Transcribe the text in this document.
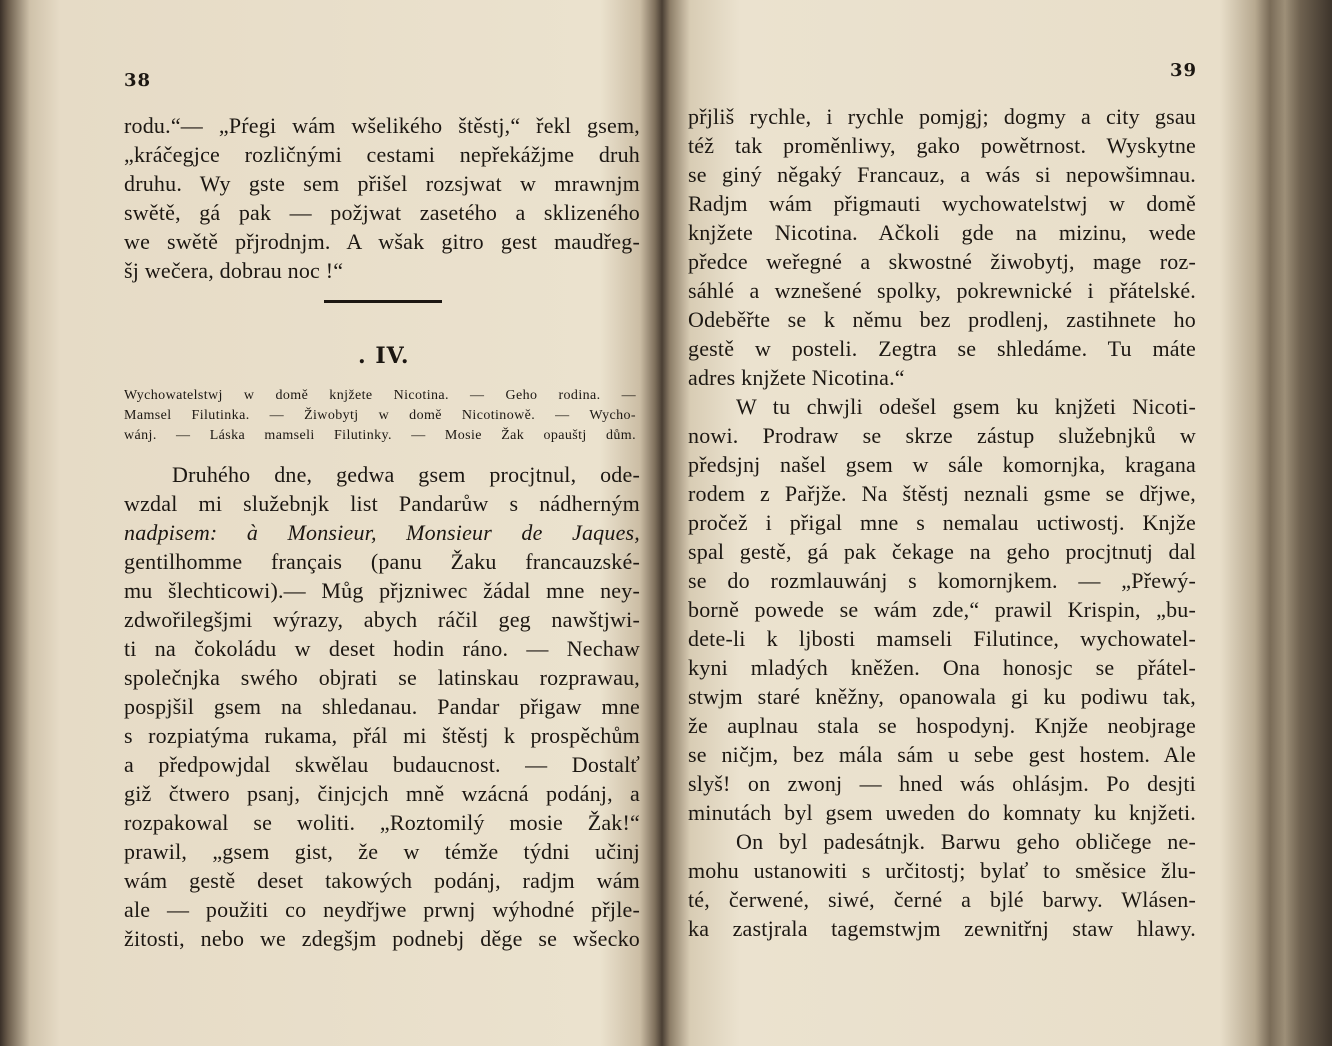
38
rodu.“— „Pŕegi wám wšelikého štěstj,“ řekl gsem,
„kráčegjce rozličnými cestami nepřekážjme druh
druhu. Wy gste sem přišel rozsjwat w mrawnjm
swětě, gá pak — požjwat zasetého a sklizeného
we swětě přjrodnjm. A wšak gitro gest maudřeg-
šj wečera, dobrau noc !“
. IV.
Wychowatelstwj w domě knjžete Nicotina. — Geho rodina. —
Mamsel Filutinka. — Žiwobytj w domě Nicotinowě. — Wycho-
wánj. — Láska mamseli Filutinky. — Mosie Žak opauštj dům.
Druhého dne, gedwa gsem procjtnul, ode-
wzdal mi služebnjk list Pandarůw s nádherným
nadpisem: à Monsieur, Monsieur de Jaques,
gentilhomme français (panu Žaku francauzské-
mu šlechticowi).— Můg přjzniwec žádal mne ney-
zdwořilegšjmi wýrazy, abych ráčil geg nawštjwi-
ti na čokoládu w deset hodin ráno. — Nechaw
společnjka swého objrati se latinskau rozprawau,
pospjšil gsem na shledanau. Pandar přigaw mne
s rozpiatýma rukama, přál mi štěstj k prospěchům
a předpowjdal skwělau budaucnost. — Dostalť
giž čtwero psanj, činjcjch mně wzácná podánj, a
rozpakowal se woliti. „Roztomilý mosie Žak!“
prawil, „gsem gist, že w témže týdni učinj
wám gestě deset takowých podánj, radjm wám
ale — použiti co neydřjwe prwnj wýhodné přjle-
žitosti, nebo we zdegšjm podnebj děge se wšecko
39
přjliš rychle, i rychle pomjgj; dogmy a city gsau
též tak proměnliwy, gako powětrnost. Wyskytne
se giný něgaký Francauz, a wás si nepowšimnau.
Radjm wám přigmauti wychowatelstwj w domě
knjžete Nicotina. Ačkoli gde na mizinu, wede
předce weřegné a skwostné žiwobytj, mage roz-
sáhlé a wznešené spolky, pokrewnické i přátelské.
Odeběřte se k němu bez prodlenj, zastihnete ho
gestě w posteli. Zegtra se shledáme. Tu máte
adres knjžete Nicotina.“
W tu chwjli odešel gsem ku knjžeti Nicoti-
nowi. Prodraw se skrze zástup služebnjků w
předsjnj našel gsem w sále komornjka, kragana
rodem z Pařjže. Na štěstj neznali gsme se dřjwe,
pročež i přigal mne s nemalau uctiwostj. Knjže
spal gestě, gá pak čekage na geho procjtnutj dal
se do rozmlauwánj s komornjkem. — „Přewý-
borně powede se wám zde,“ prawil Krispin, „bu-
dete-li k ljbosti mamseli Filutince, wychowatel-
kyni mladých kněžen. Ona honosjc se přátel-
stwjm staré kněžny, opanowala gi ku podiwu tak,
že auplnau stala se hospodynj. Knjže neobjrage
se ničjm, bez mála sám u sebe gest hostem. Ale
slyš! on zwonj — hned wás ohlásjm. Po desjti
minutách byl gsem uweden do komnaty ku knjžeti.
On byl padesátnjk. Barwu geho obličege ne-
mohu ustanowiti s určitostj; bylať to směsice žlu-
té, čerwené, siwé, černé a bjlé barwy. Wlásen-
ka zastjrala tagemstwjm zewnitřnj staw hlawy.
